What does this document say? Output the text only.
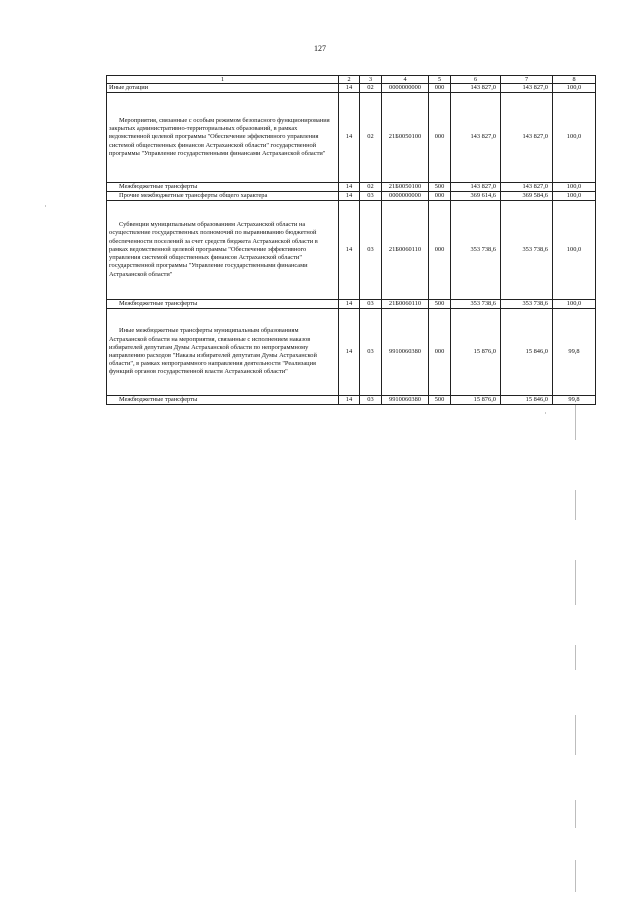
127
1	2	3	4	5	6	7	8
Иные дотации	14	02	0000000000	000	143 827,0	143 827,0	100,0
Мероприятия, связанные с особым режимом безопасного функционирования закрытых административно-территориальных образований, в рамках ведомственной целевой программы "Обеспечение эффективного управления системой общественных финансов Астраханской области" государственной программы "Управление государственными финансами Астраханской области"	14	02	21Б0050100	000	143 827,0	143 827,0	100,0
Межбюджетные трансферты	14	02	21Б0050100	500	143 827,0	143 827,0	100,0
Прочие межбюджетные трансферты общего характера	14	03	0000000000	000	369 614,6	369 584,6	100,0
Субвенции муниципальным образованиям Астраханской области на осуществление государственных полномочий по выравниванию бюджетной обеспеченности поселений за счет средств бюджета Астраханской области в рамках ведомственной целевой программы "Обеспечение эффективного управления системой общественных финансов Астраханской области" государственной программы "Управление государственными финансами Астраханской области"	14	03	21Б0060110	000	353 738,6	353 738,6	100,0
Межбюджетные трансферты	14	03	21Б0060110	500	353 738,6	353 738,6	100,0
Иные межбюджетные трансферты муниципальным образованиям Астраханской области на мероприятия, связанные с исполнением наказов избирателей депутатам Думы Астраханской области по непрограммному направлению расходов "Наказы избирателей депутатам Думы Астраханской области", в рамках непрограммного направления деятельности "Реализация функций органов государственной власти Астраханской области"	14	03	9910060380	000	15 876,0	15 846,0	99,8
Межбюджетные трансферты	14	03	9910060380	500	15 876,0	15 846,0	99,8
